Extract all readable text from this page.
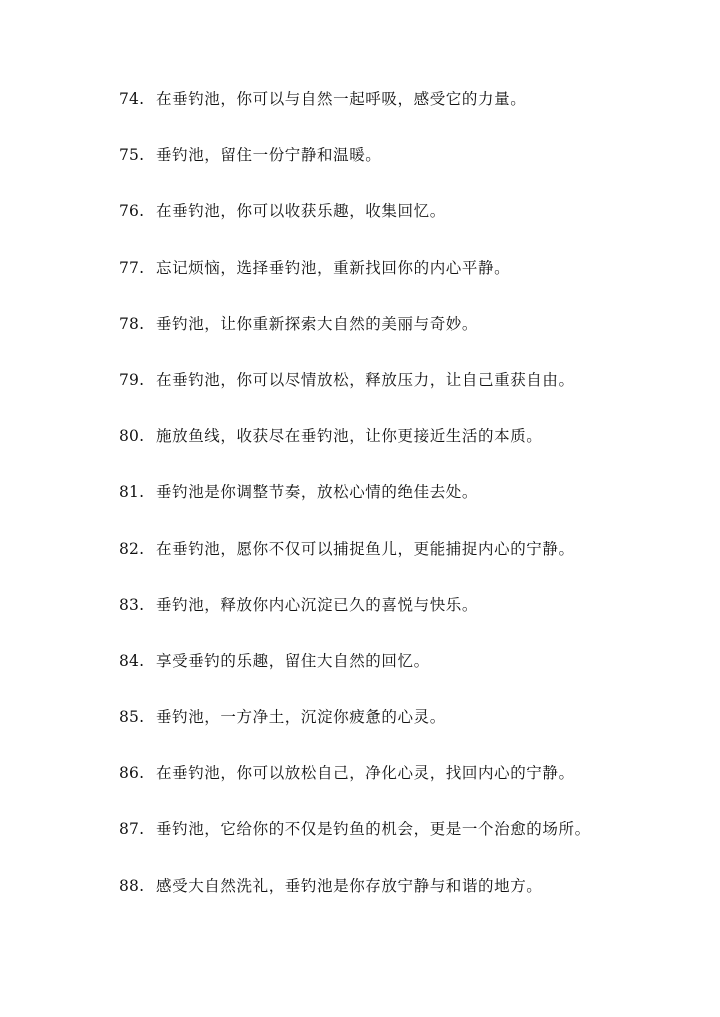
74. 在垂钓池，你可以与自然一起呼吸，感受它的力量。
75. 垂钓池，留住一份宁静和温暖。
76. 在垂钓池，你可以收获乐趣，收集回忆。
77. 忘记烦恼，选择垂钓池，重新找回你的内心平静。
78. 垂钓池，让你重新探索大自然的美丽与奇妙。
79. 在垂钓池，你可以尽情放松，释放压力，让自己重获自由。
80. 施放鱼线，收获尽在垂钓池，让你更接近生活的本质。
81. 垂钓池是你调整节奏，放松心情的绝佳去处。
82. 在垂钓池，愿你不仅可以捕捉鱼儿，更能捕捉内心的宁静。
83. 垂钓池，释放你内心沉淀已久的喜悦与快乐。
84. 享受垂钓的乐趣，留住大自然的回忆。
85. 垂钓池，一方净土，沉淀你疲惫的心灵。
86. 在垂钓池，你可以放松自己，净化心灵，找回内心的宁静。
87. 垂钓池，它给你的不仅是钓鱼的机会，更是一个治愈的场所。
88. 感受大自然洗礼，垂钓池是你存放宁静与和谐的地方。
